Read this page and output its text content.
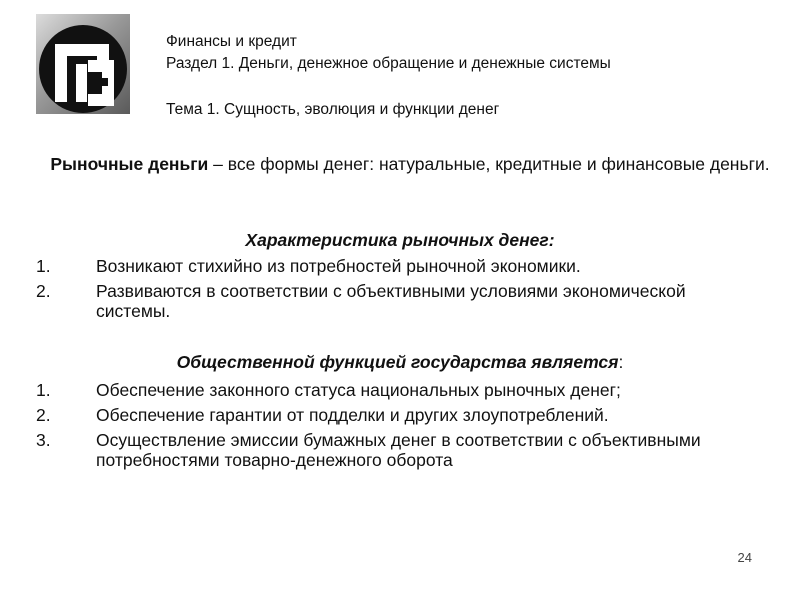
Финансы и кредит
Раздел 1. Деньги, денежное обращение и денежные системы
Тема 1. Сущность, эволюция и функции денег
Рыночные деньги – все формы денег: натуральные, кредитные и финансовые деньги.
Характеристика рыночных денег:
1.	Возникают стихийно из потребностей рыночной экономики.
2.	Развиваются в соответствии с объективными условиями экономической системы.
Общественной функцией государства является:
1.	Обеспечение законного статуса национальных рыночных денег;
2.	Обеспечение гарантии от подделки и других злоупотреблений.
3.	Осуществление эмиссии бумажных денег в соответствии с объективными потребностями товарно-денежного оборота
24
